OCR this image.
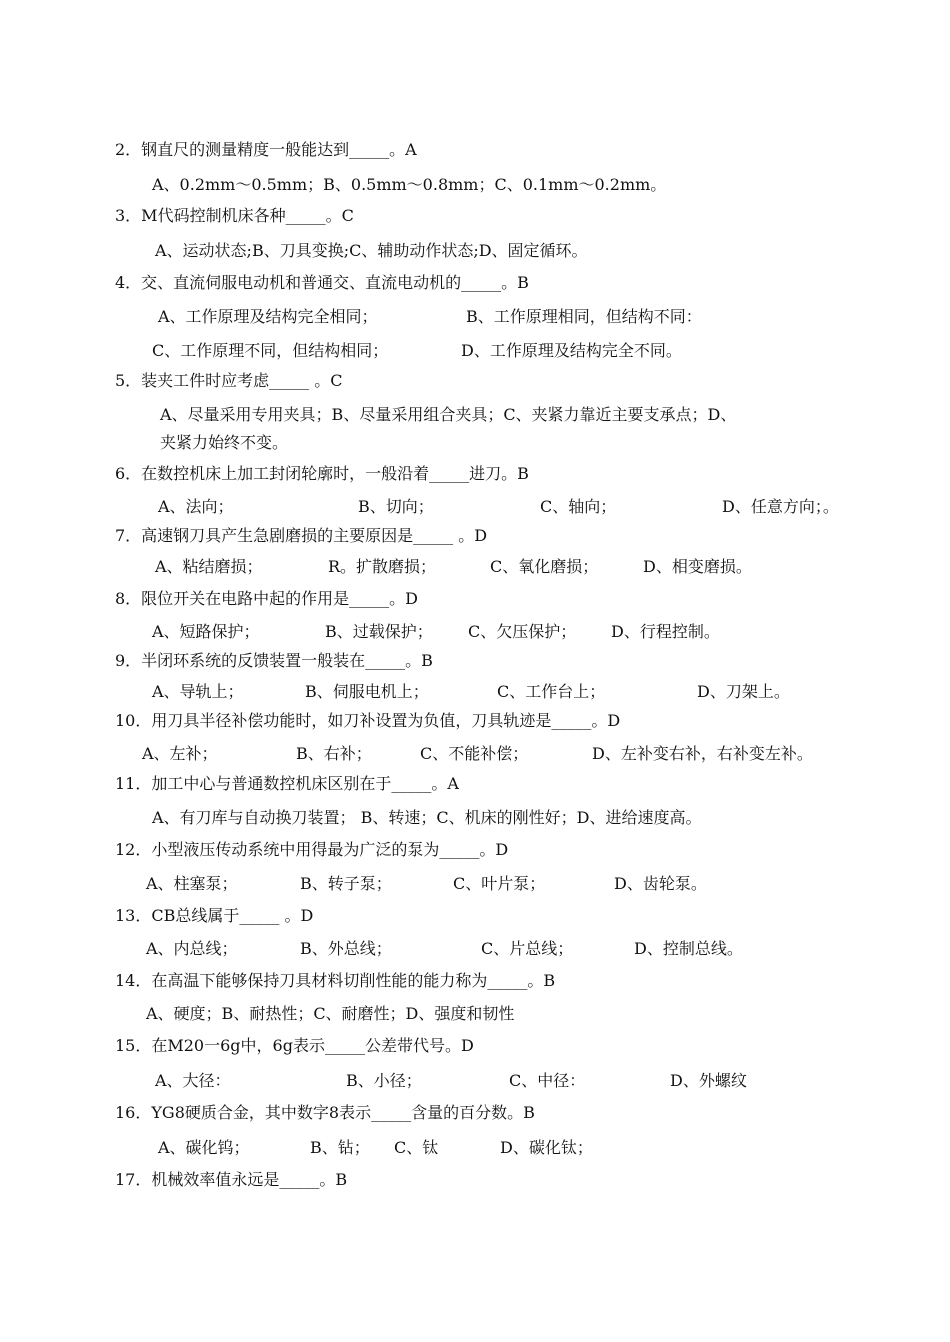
2．钢直尺的测量精度一般能达到_____。A
A、0.2mm～0.5mm；B、0.5mm～0.8mm；C、0.1mm～0.2mm。
3．M代码控制机床各种_____。C
A、运动状态;B、刀具变换;C、辅助动作状态;D、固定循环。
4．交、直流伺服电动机和普通交、直流电动机的_____。B
A、工作原理及结构完全相同；	B、工作原理相同，但结构不同：
C、工作原理不同，但结构相同；	D、工作原理及结构完全不同。
5．装夹工件时应考虑_____ 。C
A、尽量采用专用夹具；B、尽量采用组合夹具；C、夹紧力靠近主要支承点；D、
夹紧力始终不变。
6．在数控机床上加工封闭轮廓时，一般沿着_____进刀。B
A、法向；	B、切向；	C、轴向；	D、任意方向；。
7．高速钢刀具产生急剧磨损的主要原因是_____ 。D
A、粘结磨损；	R。扩散磨损；	C、氧化磨损；	D、相变磨损。
8．限位开关在电路中起的作用是_____。D
A、短路保护；	B、过载保护； C、欠压保护； D、行程控制。
9．半闭环系统的反馈装置一般装在_____。B
A、导轨上；	B、伺服电机上；	C、工作台上；	D、刀架上。
10．用刀具半径补偿功能时，如刀补设置为负值，刀具轨迹是_____。D
A、左补；	B、右补；	C、不能补偿；	D、左补变右补，右补变左补。
11．加工中心与普通数控机床区别在于_____。A
A、有刀库与自动换刀装置； B、转速；C、机床的刚性好；D、进给速度高。
12．小型液压传动系统中用得最为广泛的泵为_____。D
A、柱塞泵；	B、转子泵；	C、叶片泵；	D、齿轮泵。
13．CB总线属于_____ 。D
A、内总线；	B、外总线；	C、片总线；	D、控制总线。
14．在高温下能够保持刀具材料切削性能的能力称为_____。B
A、硬度；B、耐热性；C、耐磨性；D、强度和韧性
15．在M20一6g中，6g表示_____公差带代号。D
A、大径：	B、小径；	C、中径：	D、外螺纹
16．YG8硬质合金，其中数字8表示_____含量的百分数。B
A、碳化钨；	B、钻； C、钛	D、碳化钛；
17．机械效率值永远是_____。B
